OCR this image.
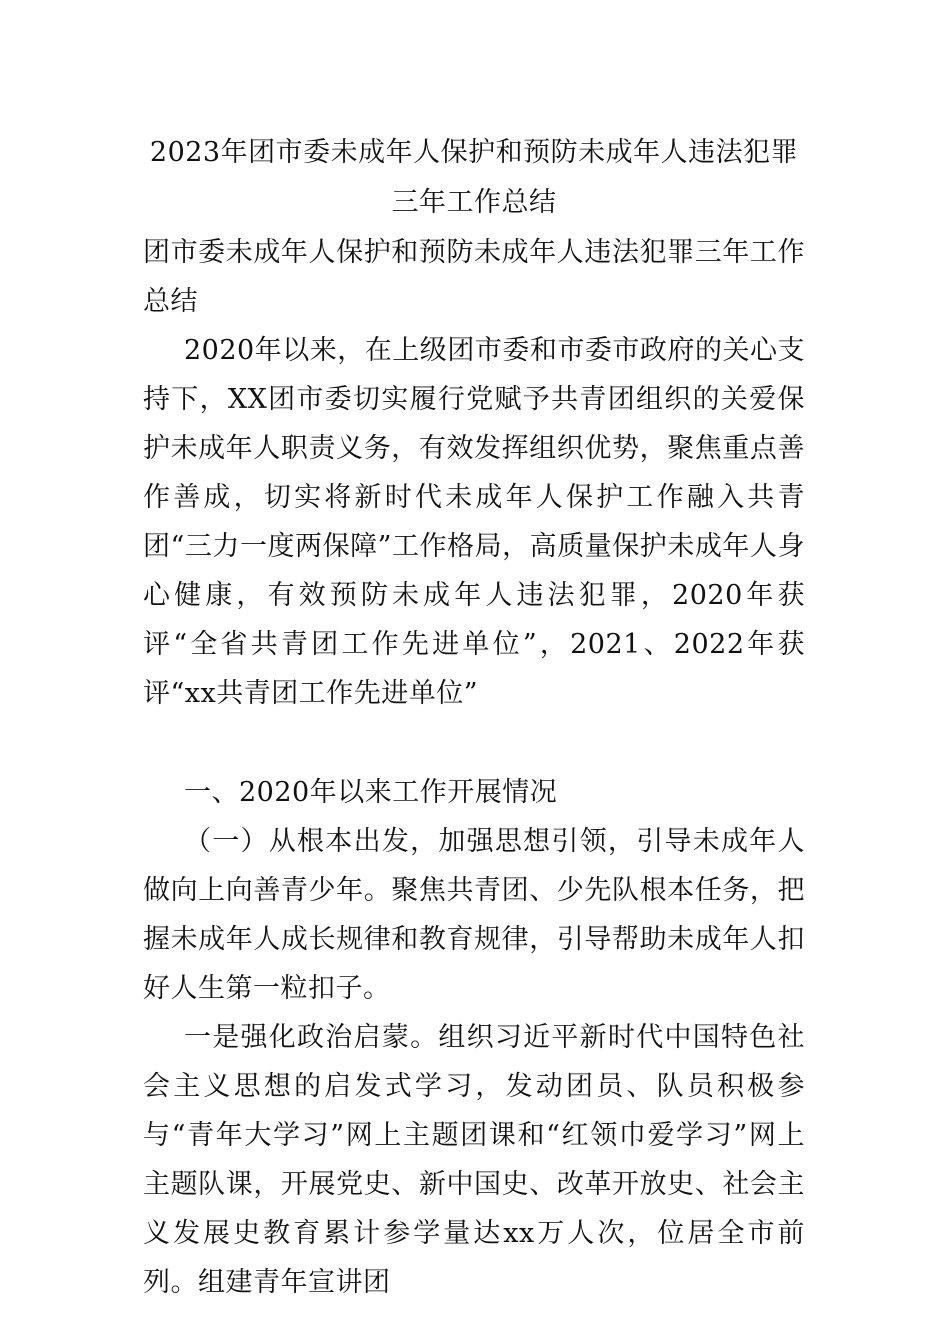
2023年团市委未成年人保护和预防未成年人违法犯罪三年工作总结

团市委未成年人保护和预防未成年人违法犯罪三年工作总结

2020年以来，在上级团市委和市委市政府的关心支持下，XX团市委切实履行党赋予共青团组织的关爱保护未成年人职责义务，有效发挥组织优势，聚焦重点善作善成，切实将新时代未成年人保护工作融入共青团“三力一度两保障”工作格局，高质量保护未成年人身心健康，有效预防未成年人违法犯罪，2020年获评“全省共青团工作先进单位”，2021、2022年获评“xx共青团工作先进单位”

一、2020年以来工作开展情况

（一）从根本出发，加强思想引领，引导未成年人做向上向善青少年。聚焦共青团、少先队根本任务，把握未成年人成长规律和教育规律，引导帮助未成年人扣好人生第一粒扣子。

一是强化政治启蒙。组织习近平新时代中国特色社会主义思想的启发式学习，发动团员、队员积极参与“青年大学习”网上主题团课和“红领巾爱学习”网上主题队课，开展党史、新中国史、改革开放史、社会主义发展史教育累计参学量达xx万人次，位居全市前列。组建青年宣讲团
